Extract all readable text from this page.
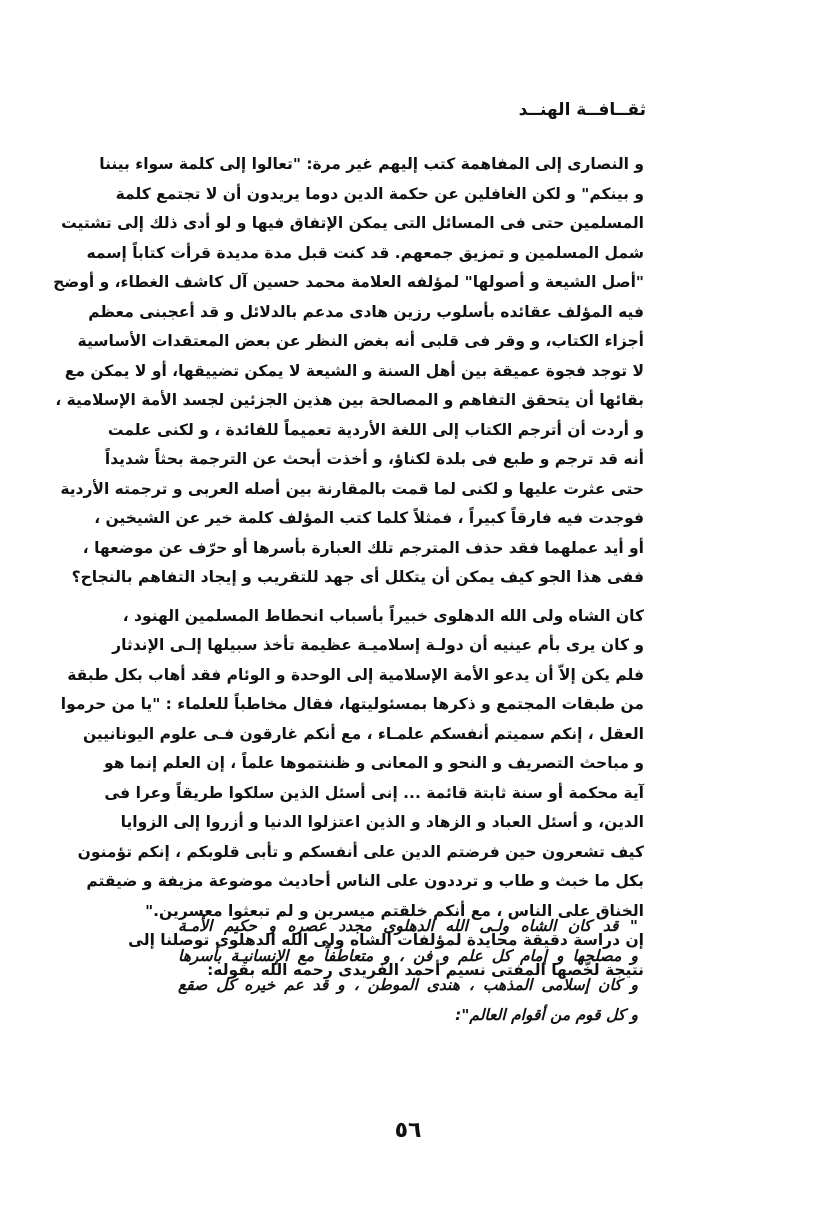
ثقــافــة الهنــد
و النصارى إلى المفاهمة كتب إليهم غير مرة: "تعالوا إلى كلمة سواء بيننا
و بينكم" و لكن الغافلين عن حكمة الدين دوما يريدون أن لا تجتمع كلمة
المسلمين حتى فى المسائل التى يمكن الإتفاق فيها و لو أدى ذلك إلى تشتيت
شمل المسلمين و تمزيق جمعهم. قد كنت قبل مدة مديدة قرأت كتاباً إسمه
"أصل الشيعة و أصولها" لمؤلفه العلامة محمد حسين آل كاشف الغطاء، و أوضح
فيه المؤلف عقائده بأسلوب رزين هادى مدعم بالدلائل و قد أعجبنى معظم
أجزاء الكتاب، و وقر فى قلبى أنه بغض النظر عن بعض المعتقدات الأساسية
لا توجد فجوة عميقة بين أهل السنة و الشيعة لا يمكن تضييقها، أو لا يمكن مع
بقائها أن يتحقق التفاهم و المصالحة بين هذين الجزئين لجسد الأمة الإسلامية ،
و أردت أن أترجم الكتاب إلى اللغة الأردية تعميماً للفائدة ، و لكنى علمت
أنه قد ترجم و طبع فى بلدة لكناؤ، و أخذت أبحث عن الترجمة بحثاً شديداً
حتى عثرت عليها و لكنى لما قمت بالمقارنة بين أصله العربى و ترجمته الأردية
فوجدت فيه فارقاً كبيراً ، فمثلاً كلما كتب المؤلف كلمة خير عن الشيخين ،
أو أيد عملهما فقد حذف المترجم تلك العبارة بأسرها أو حرّف عن موضعها ،
ففى هذا الجو كيف يمكن أن يتكلل أى جهد للتقريب و إيجاد التفاهم بالنجاح؟
كان الشاه ولى الله الدهلوى خبيراً بأسباب انحطاط المسلمين الهنود ،
و كان يرى بأم عينيه أن دولـة إسلاميـة عظيمة تأخذ سبيلها إلـى الإندثار
فلم يكن إلاّ أن يدعو الأمة الإسلامية إلى الوحدة و الوئام فقد أهاب بكل طبقة
من طبقات المجتمع و ذكرها بمسئوليتها، فقال مخاطباً للعلماء : "يا من حرموا
العقل ، إنكم سميتم أنفسكم علمـاء ، مع أنكم غارقون فـى علوم اليونانيين
و مباحث التصريف و النحو و المعانى و ظننتموها علماً ، إن العلم إنما هو
آية محكمة أو سنة ثابتة قائمة ... إنى أسئل الذين سلكوا طريقاً وعرا فى
الدين، و أسئل العباد و الزهاد و الذين اعتزلوا الدنيا و أزروا إلى الزوايا
كيف تشعرون حين فرضتم الدين على أنفسكم و تأبى قلوبكم ، إنكم تؤمنون
بكل ما خبث و طاب و ترددون على الناس أحاديث موضوعة مزيفة و ضيقتم
الخناق على الناس ، مع أنكم خلقتم ميسرين و لم تبعثوا معسرين."
إن دراسة دقيقة محايدة لمؤلفات الشاه ولى الله الدهلوى توصلنا إلى
نتيجة لخّصها المفتى نسيم أحمد الفريدى رحمه الله بقوله:
" قد كان الشاه ولـى الله الدهلوى مجدد عصره و حكيم الأمـة
و مصلحها و إمام كل علم و فن ، و متعاطفاً مع الإنسانيـة بأسرها
و كان إسلامى المذهب ، هندى الموطن ، و قد عم خيره كل صقع
و كل قوم من أقوام العالم":
٥٦
